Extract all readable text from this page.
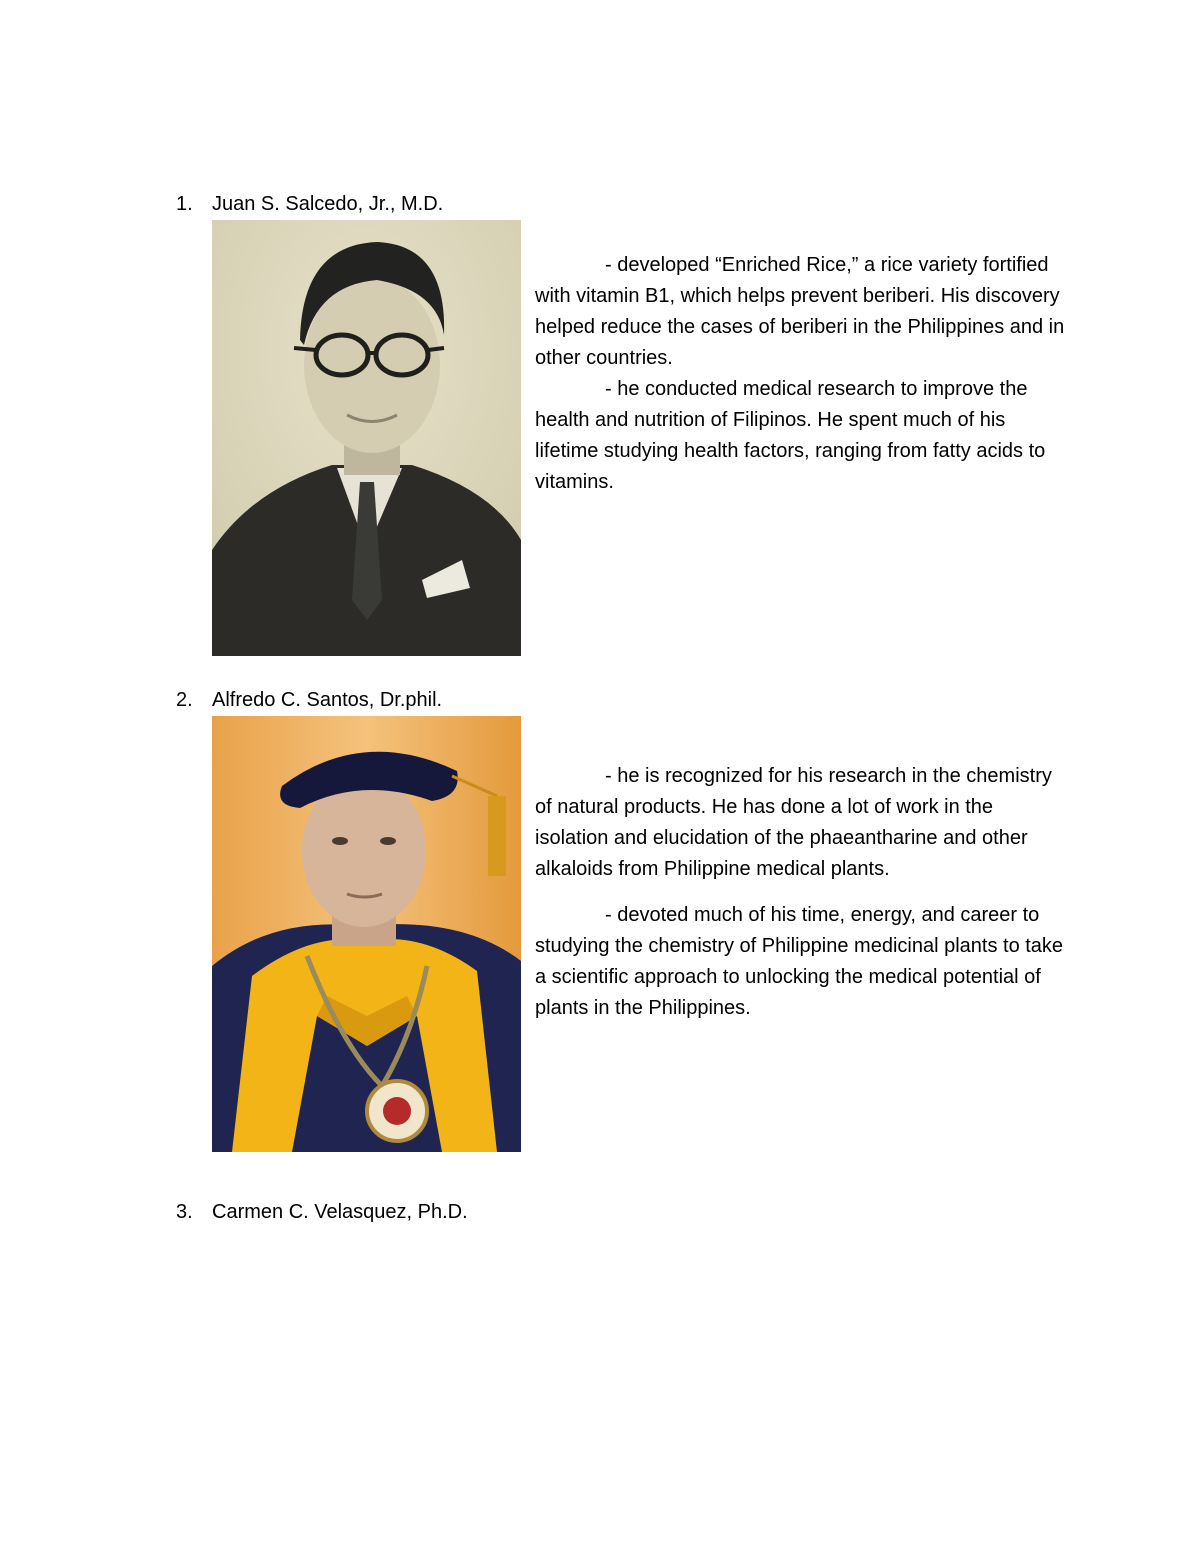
1. Juan S. Salcedo, Jr., M.D.

- developed “Enriched Rice,” a rice variety fortified with vitamin B1, which helps prevent beriberi. His discovery helped reduce the cases of beriberi in the Philippines and in other countries.

- he conducted medical research to improve the health and nutrition of Filipinos. He spent much of his lifetime studying health factors, ranging from fatty acids to vitamins.

2. Alfredo C. Santos, Dr.phil.

- he is recognized for his research in the chemistry of natural products. He has done a lot of work in the isolation and elucidation of the phaeantharine and other alkaloids from Philippine medical plants.

- devoted much of his time, energy, and career to studying the chemistry of Philippine medicinal plants to take a scientific approach to unlocking the medical potential of plants in the Philippines.

3. Carmen C. Velasquez, Ph.D.
